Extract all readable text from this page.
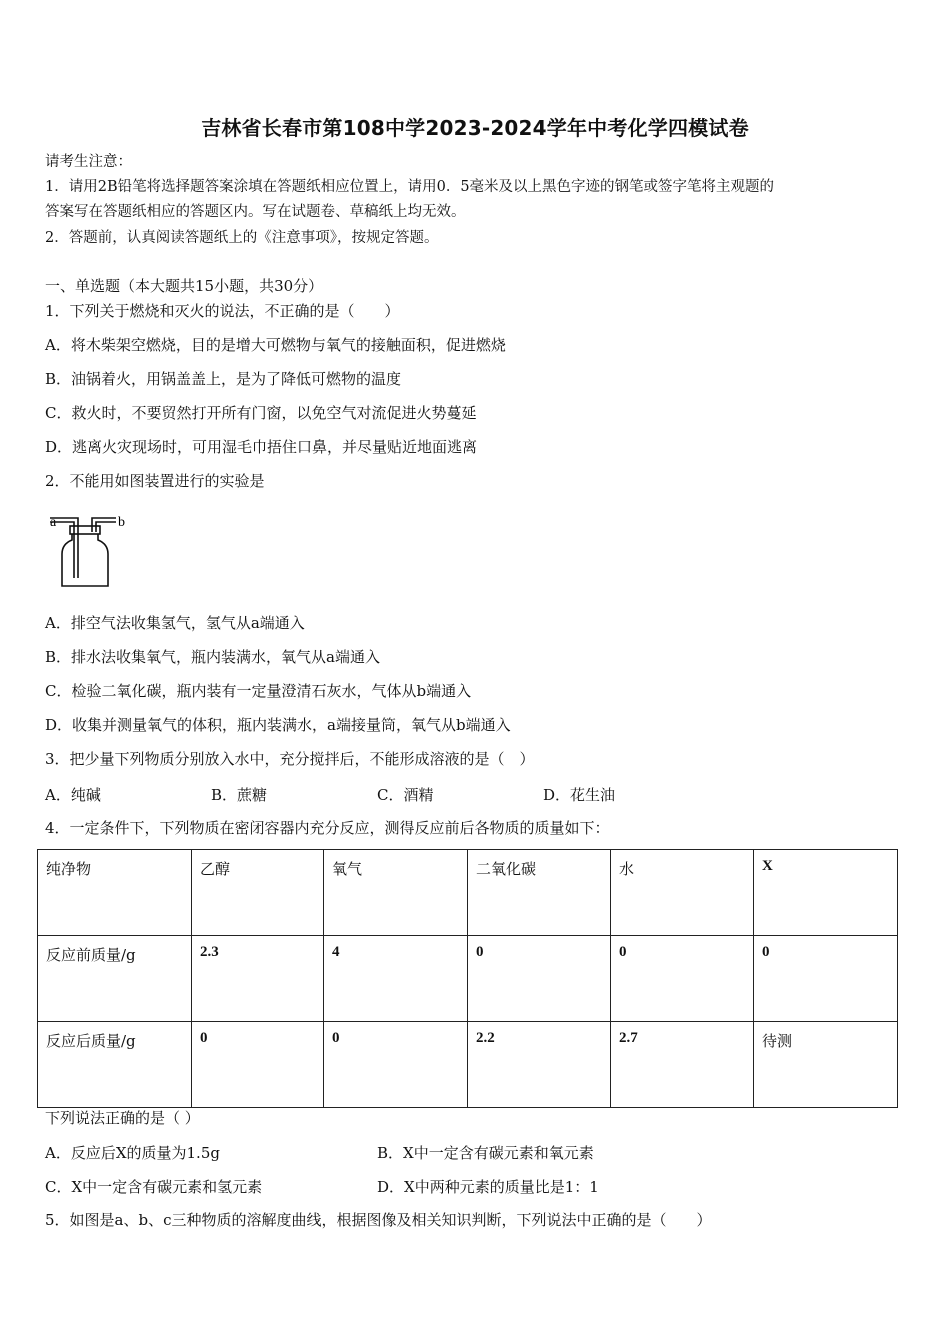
吉林省长春市第108中学2023-2024学年中考化学四模试卷
请考生注意：
1．请用2B铅笔将选择题答案涂填在答题纸相应位置上，请用0．5毫米及以上黑色字迹的钢笔或签字笔将主观题的
答案写在答题纸相应的答题区内。写在试题卷、草稿纸上均无效。
2．答题前，认真阅读答题纸上的《注意事项》，按规定答题。
一、单选题（本大题共15小题，共30分）
1．下列关于燃烧和灭火的说法，不正确的是（　　）
A．将木柴架空燃烧，目的是增大可燃物与氧气的接触面积，促进燃烧
B．油锅着火，用锅盖盖上，是为了降低可燃物的温度
C．救火时，不要贸然打开所有门窗，以免空气对流促进火势蔓延
D．逃离火灾现场时，可用湿毛巾捂住口鼻，并尽量贴近地面逃离
2．不能用如图装置进行的实验是
a	b
A．排空气法收集氢气，氢气从a端通入
B．排水法收集氧气，瓶内装满水，氧气从a端通入
C．检验二氧化碳，瓶内装有一定量澄清石灰水，气体从b端通入
D．收集并测量氧气的体积，瓶内装满水，a端接量筒，氧气从b端通入
3．把少量下列物质分别放入水中，充分搅拌后，不能形成溶液的是（　）
A．纯碱	B．蔗糖	C．酒精	D．花生油
4．一定条件下，下列物质在密闭容器内充分反应，测得反应前后各物质的质量如下：
纯净物	乙醇	氧气	二氧化碳	水	X
反应前质量/g	2.3	4	0	0	0
反应后质量/g	0	0	2.2	2.7	待测
下列说法正确的是（ ）
A．反应后X的质量为1.5g	B．X中一定含有碳元素和氧元素
C．X中一定含有碳元素和氢元素	D．X中两种元素的质量比是1：1
5．如图是a、b、c三种物质的溶解度曲线，根据图像及相关知识判断，下列说法中正确的是（　　）
